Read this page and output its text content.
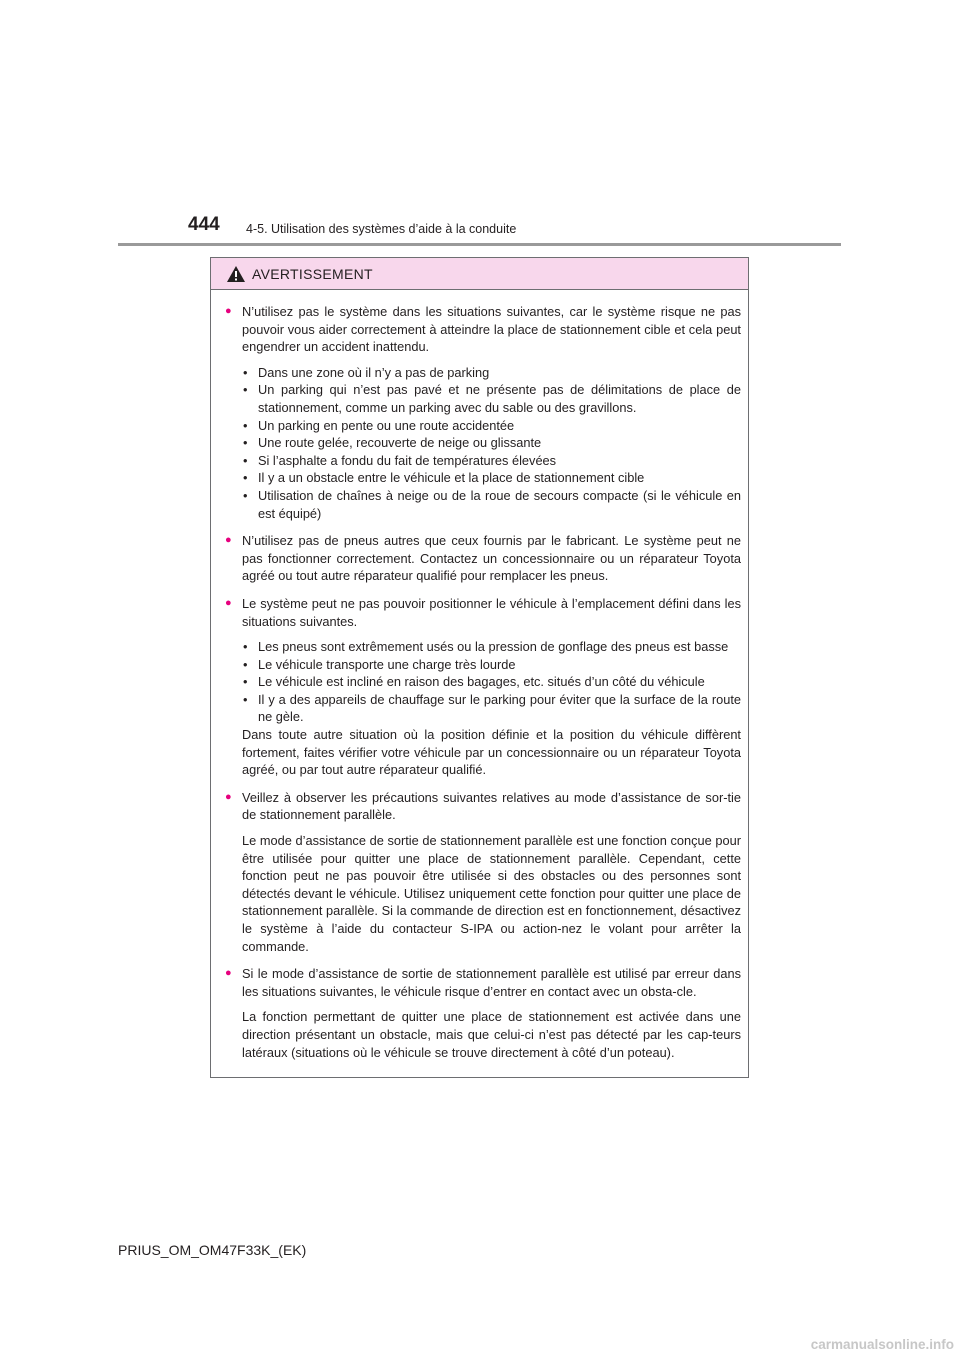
444 4-5. Utilisation des systèmes d’aide à la conduite
AVERTISSEMENT
● N’utilisez pas le système dans les situations suivantes, car le système risque ne pas pouvoir vous aider correctement à atteindre la place de stationnement cible et cela peut engendrer un accident inattendu.
• Dans une zone où il n’y a pas de parking
• Un parking qui n’est pas pavé et ne présente pas de délimitations de place de stationnement, comme un parking avec du sable ou des gravillons.
• Un parking en pente ou une route accidentée
• Une route gelée, recouverte de neige ou glissante
• Si l’asphalte a fondu du fait de températures élevées
• Il y a un obstacle entre le véhicule et la place de stationnement cible
• Utilisation de chaînes à neige ou de la roue de secours compacte (si le véhicule en est équipé)
● N’utilisez pas de pneus autres que ceux fournis par le fabricant. Le système peut ne pas fonctionner correctement. Contactez un concessionnaire ou un réparateur Toyota agréé ou tout autre réparateur qualifié pour remplacer les pneus.
● Le système peut ne pas pouvoir positionner le véhicule à l’emplacement défini dans les situations suivantes.
• Les pneus sont extrêmement usés ou la pression de gonflage des pneus est basse
• Le véhicule transporte une charge très lourde
• Le véhicule est incliné en raison des bagages, etc. situés d’un côté du véhicule
• Il y a des appareils de chauffage sur le parking pour éviter que la surface de la route ne gèle.
Dans toute autre situation où la position définie et la position du véhicule diffèrent fortement, faites vérifier votre véhicule par un concessionnaire ou un réparateur Toyota agréé, ou par tout autre réparateur qualifié.
● Veillez à observer les précautions suivantes relatives au mode d’assistance de sor-tie de stationnement parallèle.
Le mode d’assistance de sortie de stationnement parallèle est une fonction conçue pour être utilisée pour quitter une place de stationnement parallèle. Cependant, cette fonction peut ne pas pouvoir être utilisée si des obstacles ou des personnes sont détectés devant le véhicule. Utilisez uniquement cette fonction pour quitter une place de stationnement parallèle. Si la commande de direction est en fonctionnement, désactivez le système à l’aide du contacteur S-IPA ou action-nez le volant pour arrêter la commande.
● Si le mode d’assistance de sortie de stationnement parallèle est utilisé par erreur dans les situations suivantes, le véhicule risque d’entrer en contact avec un obsta-cle.
La fonction permettant de quitter une place de stationnement est activée dans une direction présentant un obstacle, mais que celui-ci n’est pas détecté par les cap-teurs latéraux (situations où le véhicule se trouve directement à côté d’un poteau).
PRIUS_OM_OM47F33K_(EK)
carmanualsonline.info
